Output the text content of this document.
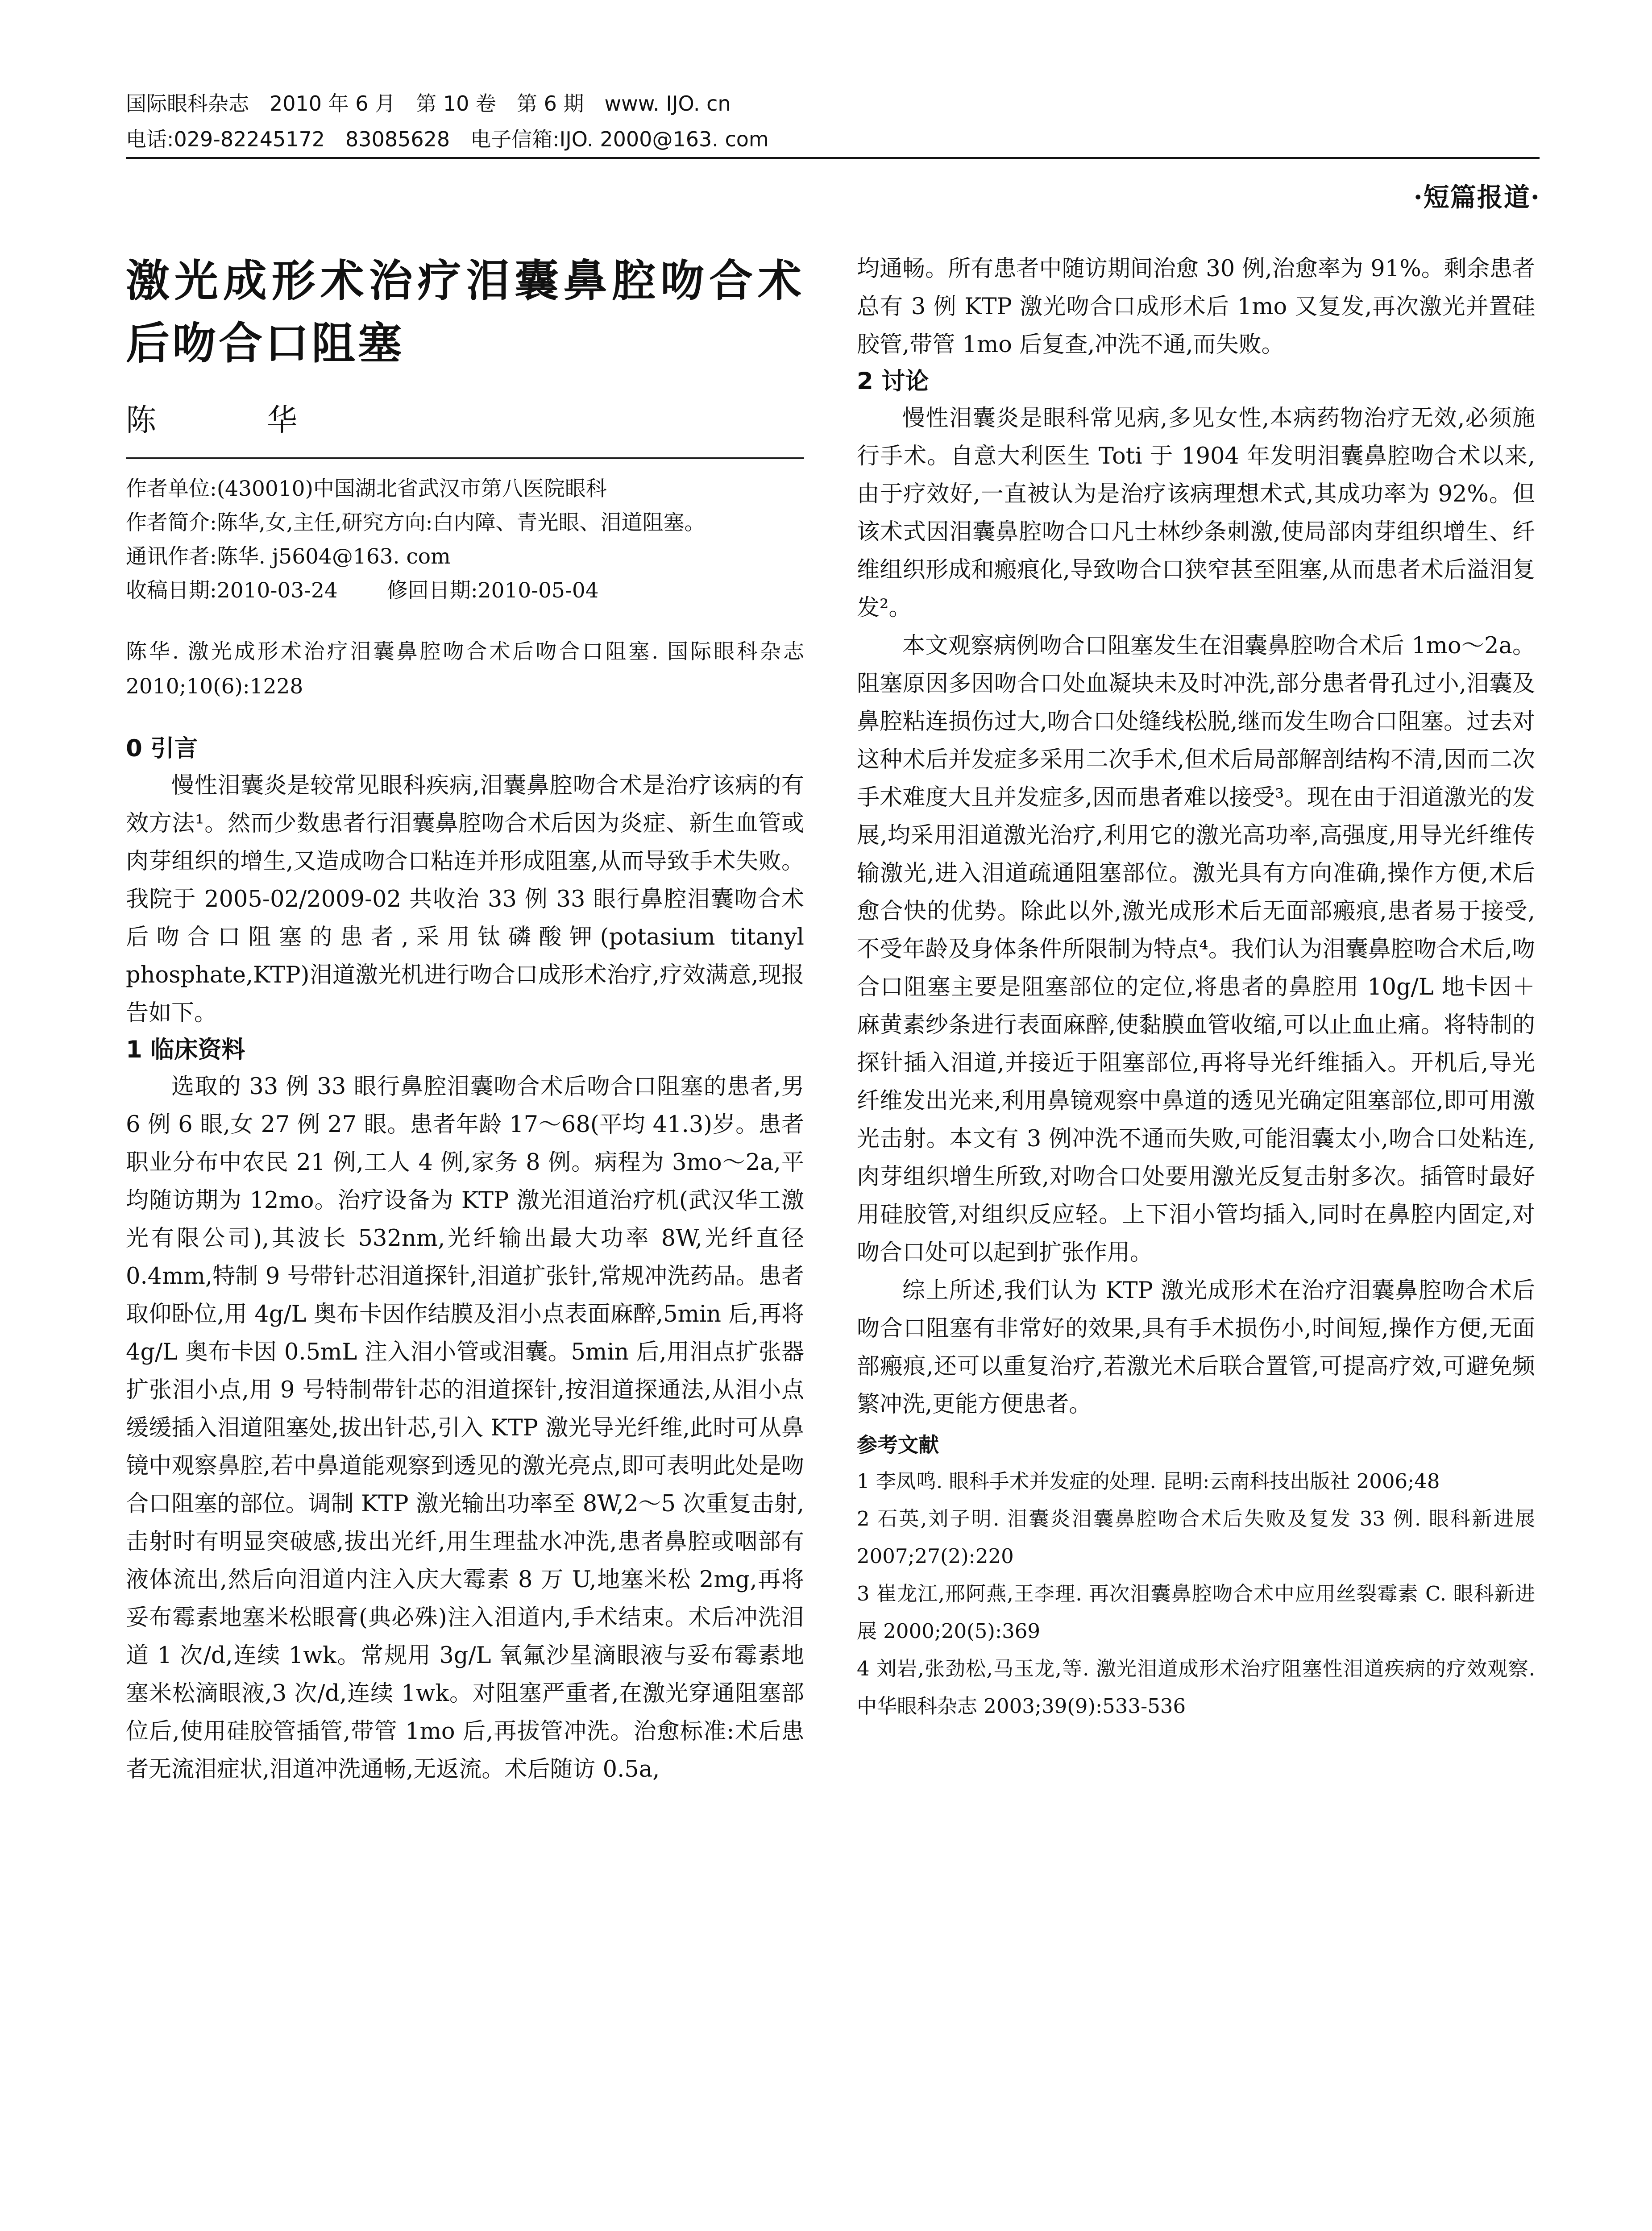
国际眼科杂志　2010 年 6 月　第 10 卷　第 6 期　www. IJO. cn
电话:029-82245172　83085628　电子信箱:IJO. 2000@163. com
·短篇报道·
激光成形术治疗泪囊鼻腔吻合术后吻合口阻塞
陈　华

作者单位:(430010)中国湖北省武汉市第八医院眼科

作者简介:陈华,女,主任,研究方向:白内障、青光眼、泪道阻塞。

通讯作者:陈华. j5604@163. com

收稿日期:2010-03-24 修回日期:2010-05-04

陈华. 激光成形术治疗泪囊鼻腔吻合术后吻合口阻塞. 国际眼科杂志 2010;10(6):1228

0 引言

慢性泪囊炎是较常见眼科疾病,泪囊鼻腔吻合术是治疗该病的有效方法¹。然而少数患者行泪囊鼻腔吻合术后因为炎症、新生血管或肉芽组织的增生,又造成吻合口粘连并形成阻塞,从而导致手术失败。我院于 2005-02/2009-02 共收治 33 例 33 眼行鼻腔泪囊吻合术后吻合口阻塞的患者,采用钛磷酸钾(potasium titanyl phosphate,KTP)泪道激光机进行吻合口成形术治疗,疗效满意,现报告如下。

1 临床资料

选取的 33 例 33 眼行鼻腔泪囊吻合术后吻合口阻塞的患者,男 6 例 6 眼,女 27 例 27 眼。患者年龄 17～68(平均 41.3)岁。患者职业分布中农民 21 例,工人 4 例,家务 8 例。病程为 3mo～2a,平均随访期为 12mo。治疗设备为 KTP 激光泪道治疗机(武汉华工激光有限公司),其波长 532nm,光纤输出最大功率 8W,光纤直径 0.4mm,特制 9 号带针芯泪道探针,泪道扩张针,常规冲洗药品。患者取仰卧位,用 4g/L 奥布卡因作结膜及泪小点表面麻醉,5min 后,再将 4g/L 奥布卡因 0.5mL 注入泪小管或泪囊。5min 后,用泪点扩张器扩张泪小点,用 9 号特制带针芯的泪道探针,按泪道探通法,从泪小点缓缓插入泪道阻塞处,拔出针芯,引入 KTP 激光导光纤维,此时可从鼻镜中观察鼻腔,若中鼻道能观察到透见的激光亮点,即可表明此处是吻合口阻塞的部位。调制 KTP 激光输出功率至 8W,2～5 次重复击射,击射时有明显突破感,拔出光纤,用生理盐水冲洗,患者鼻腔或咽部有液体流出,然后向泪道内注入庆大霉素 8 万 U,地塞米松 2mg,再将妥布霉素地塞米松眼膏(典必殊)注入泪道内,手术结束。术后冲洗泪道 1 次/d,连续 1wk。常规用 3g/L 氧氟沙星滴眼液与妥布霉素地塞米松滴眼液,3 次/d,连续 1wk。对阻塞严重者,在激光穿通阻塞部位后,使用硅胶管插管,带管 1mo 后,再拔管冲洗。治愈标准:术后患者无流泪症状,泪道冲洗通畅,无返流。术后随访 0.5a,

均通畅。所有患者中随访期间治愈 30 例,治愈率为 91%。剩余患者总有 3 例 KTP 激光吻合口成形术后 1mo 又复发,再次激光并置硅胶管,带管 1mo 后复查,冲洗不通,而失败。

2 讨论

慢性泪囊炎是眼科常见病,多见女性,本病药物治疗无效,必须施行手术。自意大利医生 Toti 于 1904 年发明泪囊鼻腔吻合术以来,由于疗效好,一直被认为是治疗该病理想术式,其成功率为 92%。但该术式因泪囊鼻腔吻合口凡士林纱条刺激,使局部肉芽组织增生、纤维组织形成和瘢痕化,导致吻合口狭窄甚至阻塞,从而患者术后溢泪复发²。

本文观察病例吻合口阻塞发生在泪囊鼻腔吻合术后 1mo～2a。阻塞原因多因吻合口处血凝块未及时冲洗,部分患者骨孔过小,泪囊及鼻腔粘连损伤过大,吻合口处缝线松脱,继而发生吻合口阻塞。过去对这种术后并发症多采用二次手术,但术后局部解剖结构不清,因而二次手术难度大且并发症多,因而患者难以接受³。现在由于泪道激光的发展,均采用泪道激光治疗,利用它的激光高功率,高强度,用导光纤维传输激光,进入泪道疏通阻塞部位。激光具有方向准确,操作方便,术后愈合快的优势。除此以外,激光成形术后无面部瘢痕,患者易于接受,不受年龄及身体条件所限制为特点⁴。我们认为泪囊鼻腔吻合术后,吻合口阻塞主要是阻塞部位的定位,将患者的鼻腔用 10g/L 地卡因＋麻黄素纱条进行表面麻醉,使黏膜血管收缩,可以止血止痛。将特制的探针插入泪道,并接近于阻塞部位,再将导光纤维插入。开机后,导光纤维发出光来,利用鼻镜观察中鼻道的透见光确定阻塞部位,即可用激光击射。本文有 3 例冲洗不通而失败,可能泪囊太小,吻合口处粘连,肉芽组织增生所致,对吻合口处要用激光反复击射多次。插管时最好用硅胶管,对组织反应轻。上下泪小管均插入,同时在鼻腔内固定,对吻合口处可以起到扩张作用。

综上所述,我们认为 KTP 激光成形术在治疗泪囊鼻腔吻合术后吻合口阻塞有非常好的效果,具有手术损伤小,时间短,操作方便,无面部瘢痕,还可以重复治疗,若激光术后联合置管,可提高疗效,可避免频繁冲洗,更能方便患者。

参考文献

1 李凤鸣. 眼科手术并发症的处理. 昆明:云南科技出版社 2006;48

2 石英,刘子明. 泪囊炎泪囊鼻腔吻合术后失败及复发 33 例. 眼科新进展 2007;27(2):220

3 崔龙江,邢阿燕,王李理. 再次泪囊鼻腔吻合术中应用丝裂霉素 C. 眼科新进展 2000;20(5):369

4 刘岩,张劲松,马玉龙,等. 激光泪道成形术治疗阻塞性泪道疾病的疗效观察. 中华眼科杂志 2003;39(9):533-536
